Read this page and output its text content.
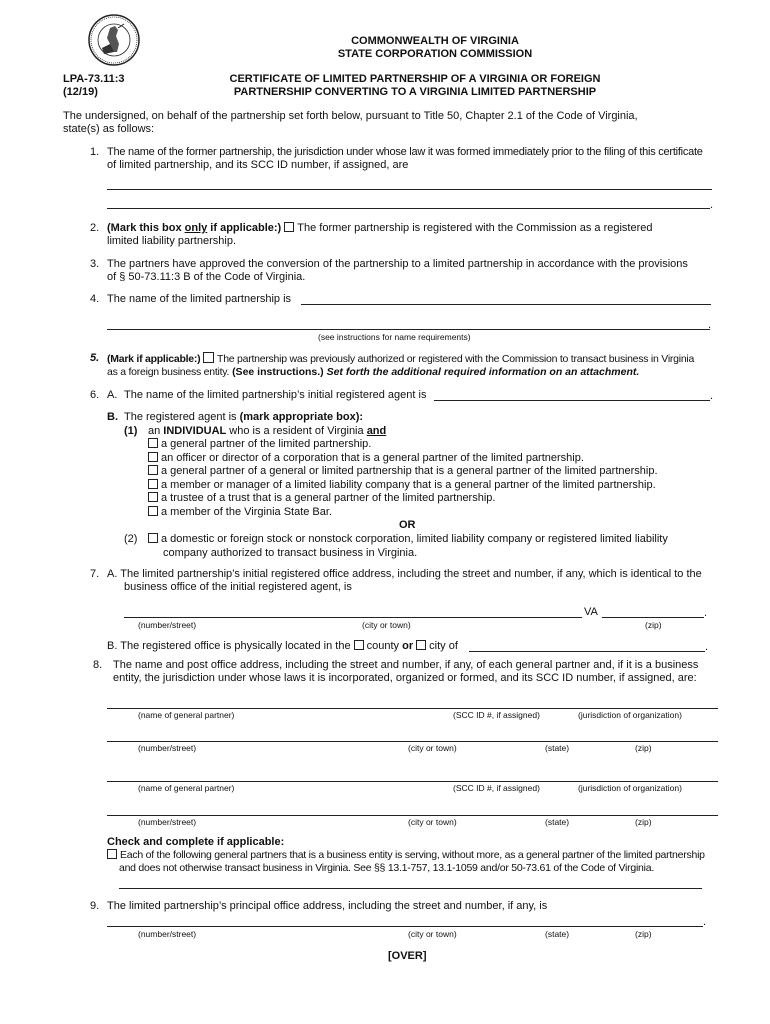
COMMONWEALTH OF VIRGINIA
STATE CORPORATION COMMISSION
LPA-73.11:3
(12/19)
CERTIFICATE OF LIMITED PARTNERSHIP OF A VIRGINIA OR FOREIGN
PARTNERSHIP CONVERTING TO A VIRGINIA LIMITED PARTNERSHIP
The undersigned, on behalf of the partnership set forth below, pursuant to Title 50, Chapter 2.1 of the Code of Virginia,
state(s) as follows:
1. The name of the former partnership, the jurisdiction under whose law it was formed immediately prior to the filing of this certificate
of limited partnership, and its SCC ID number, if assigned, are
.
2. (Mark this box only if applicable:) The former partnership is registered with the Commission as a registered
limited liability partnership.
3. The partners have approved the conversion of the partnership to a limited partnership in accordance with the provisions
of § 50-73.11:3 B of the Code of Virginia.
4. The name of the limited partnership is
.
(see instructions for name requirements)
5. (Mark if applicable:) The partnership was previously authorized or registered with the Commission to transact business in Virginia
as a foreign business entity. (See instructions.) Set forth the additional required information on an attachment.
6. A. The name of the limited partnership’s initial registered agent is	.
B. The registered agent is (mark appropriate box):
(1) an INDIVIDUAL who is a resident of Virginia and
a general partner of the limited partnership.
an officer or director of a corporation that is a general partner of the limited partnership.
a general partner of a general or limited partnership that is a general partner of the limited partnership.
a member or manager of a limited liability company that is a general partner of the limited partnership.
a trustee of a trust that is a general partner of the limited partnership.
a member of the Virginia State Bar.
OR
(2)	a domestic or foreign stock or nonstock corporation, limited liability company or registered limited liability
company authorized to transact business in Virginia.
7. A. The limited partnership’s initial registered office address, including the street and number, if any, which is identical to the
business office of the initial registered agent, is
VA	.
(number/street)	(city or town)	(zip)
B. The registered office is physically located in the county or city of	.
8. The name and post office address, including the street and number, if any, of each general partner and, if it is a business
entity, the jurisdiction under whose laws it is incorporated, organized or formed, and its SCC ID number, if assigned, are:
(name of general partner)	(SCC ID #, if assigned)	(jurisdiction of organization)
(number/street)	(city or town)	(state)	(zip)
(name of general partner)	(SCC ID #, if assigned)	(jurisdiction of organization)
(number/street)	(city or town)	(state)	(zip)
Check and complete if applicable:
Each of the following general partners that is a business entity is serving, without more, as a general partner of the limited partnership
and does not otherwise transact business in Virginia. See §§ 13.1-757, 13.1-1059 and/or 50-73.61 of the Code of Virginia.
9. The limited partnership’s principal office address, including the street and number, if any, is
.
(number/street)	(city or town)	(state)	(zip)
[OVER]
